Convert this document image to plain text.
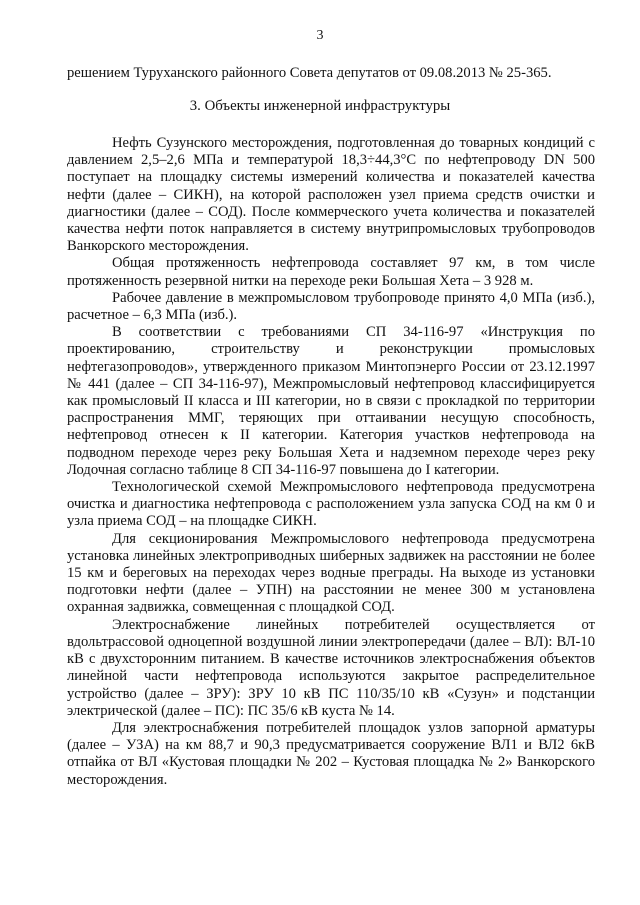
3
решением Туруханского районного Совета депутатов от 09.08.2013 № 25-365.
3. Объекты инженерной инфраструктуры

Нефть Сузунского месторождения, подготовленная до товарных кондиций с давлением 2,5–2,6 МПа и температурой 18,3÷44,3°С по нефтепроводу DN 500 поступает на площадку системы измерений количества и показателей качества нефти (далее – СИКН), на которой расположен узел приема средств очистки и диагностики (далее – СОД). После коммерческого учета количества и показателей качества нефти поток направляется в систему внутрипромысловых трубопроводов Ванкорского месторождения.

Общая протяженность нефтепровода составляет 97 км, в том числе протяженность резервной нитки на переходе реки Большая Хета – 3 928 м.

Рабочее давление в межпромысловом трубопроводе принято 4,0 МПа (изб.), расчетное – 6,3 МПа (изб.).

В соответствии с требованиями СП 34-116-97 «Инструкция по проектированию, строительству и реконструкции промысловых нефтегазопроводов», утвержденного приказом Минтопэнерго России от 23.12.1997 № 441 (далее – СП 34-116-97), Межпромысловый нефтепровод классифицируется как промысловый II класса и III категории, но в связи с прокладкой по территории распространения ММГ, теряющих при оттаивании несущую способность, нефтепровод отнесен к II категории. Категория участков нефтепровода на подводном переходе через реку Большая Хета и надземном переходе через реку Лодочная согласно таблице 8 СП 34-116-97 повышена до I категории.

Технологической схемой Межпромыслового нефтепровода предусмотрена очистка и диагностика нефтепровода с расположением узла запуска СОД на км 0 и узла приема СОД – на площадке СИКН.

Для секционирования Межпромыслового нефтепровода предусмотрена установка линейных электроприводных шиберных задвижек на расстоянии не более 15 км и береговых на переходах через водные преграды. На выходе из установки подготовки нефти (далее – УПН) на расстоянии не менее 300 м установлена охранная задвижка, совмещенная с площадкой СОД.

Электроснабжение линейных потребителей осуществляется от вдольтрассовой одноцепной воздушной линии электропередачи (далее – ВЛ): ВЛ-10 кВ с двухсторонним питанием. В качестве источников электроснабжения объектов линейной части нефтепровода используются закрытое распределительное устройство (далее – ЗРУ): ЗРУ 10 кВ ПС 110/35/10 кВ «Сузун» и подстанции электрической (далее – ПС): ПС 35/6 кВ куста № 14.

Для электроснабжения потребителей площадок узлов запорной арматуры (далее – УЗА) на км 88,7 и 90,3 предусматривается сооружение ВЛ1 и ВЛ2 6кВ отпайка от ВЛ «Кустовая площадки № 202 – Кустовая площадка № 2» Ванкорского месторождения.
